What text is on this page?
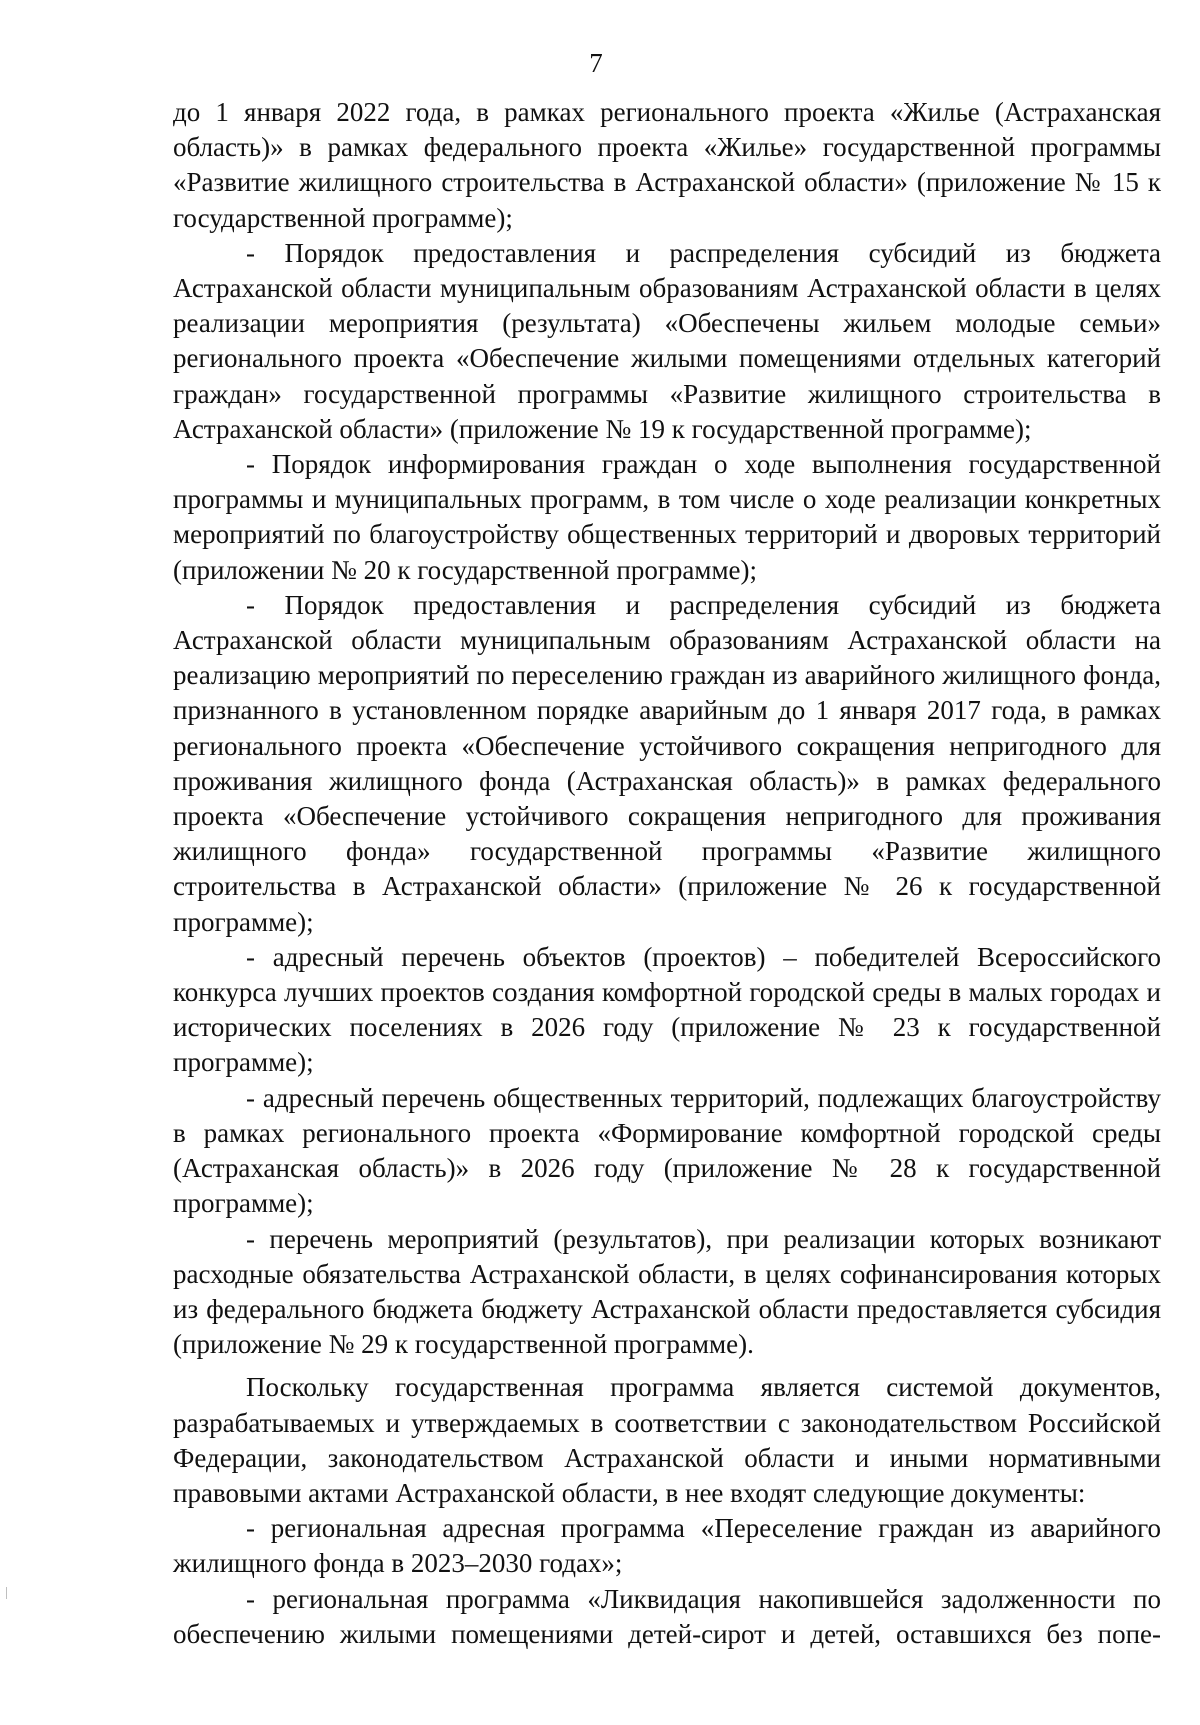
7

до 1 января 2022 года, в рамках регионального проекта «Жилье (Астраханская область)» в рамках федерального проекта «Жилье» государственной программы «Развитие жилищного строительства в Астраханской области» (приложение № 15 к государственной программе);

- Порядок предоставления и распределения субсидий из бюджета Астраханской области муниципальным образованиям Астраханской области в целях реализации мероприятия (результата) «Обеспечены жильем молодые семьи» регионального проекта «Обеспечение жилыми помещениями отдельных категорий граждан» государственной программы «Развитие жилищного строительства в Астраханской области» (приложение № 19 к государственной программе);

- Порядок информирования граждан о ходе выполнения государственной программы и муниципальных программ, в том числе о ходе реализации конкретных мероприятий по благоустройству общественных территорий и дворовых территорий (приложении № 20 к государственной программе);

- Порядок предоставления и распределения субсидий из бюджета Астраханской области муниципальным образованиям Астраханской области на реализацию мероприятий по переселению граждан из аварийного жилищного фонда, признанного в установленном порядке аварийным до 1 января 2017 года, в рамках регионального проекта «Обеспечение устойчивого сокращения непригодного для проживания жилищного фонда (Астраханская область)» в рамках федерального проекта «Обеспечение устойчивого сокращения непригодного для проживания жилищного фонда» государственной программы «Развитие жилищного строительства в Астраханской области» (приложение № 26 к государственной программе);

- адресный перечень объектов (проектов) – победителей Всероссийского конкурса лучших проектов создания комфортной городской среды в малых городах и исторических поселениях в 2026 году (приложение № 23 к государственной программе);

- адресный перечень общественных территорий, подлежащих благоустройству в рамках регионального проекта «Формирование комфортной городской среды (Астраханская область)» в 2026 году (приложение № 28 к государственной программе);

- перечень мероприятий (результатов), при реализации которых возникают расходные обязательства Астраханской области, в целях софинансирования которых из федерального бюджета бюджету Астраханской области предоставляется субсидия (приложение № 29 к государственной программе).

Поскольку государственная программа является системой документов, разрабатываемых и утверждаемых в соответствии с законодательством Российской Федерации, законодательством Астраханской области и иными нормативными правовыми актами Астраханской области, в нее входят следующие документы:

- региональная адресная программа «Переселение граждан из аварийного жилищного фонда в 2023–2030 годах»;

- региональная программа «Ликвидация накопившейся задолженности по обеспечению жилыми помещениями детей-сирот и детей, оставшихся без попе-
